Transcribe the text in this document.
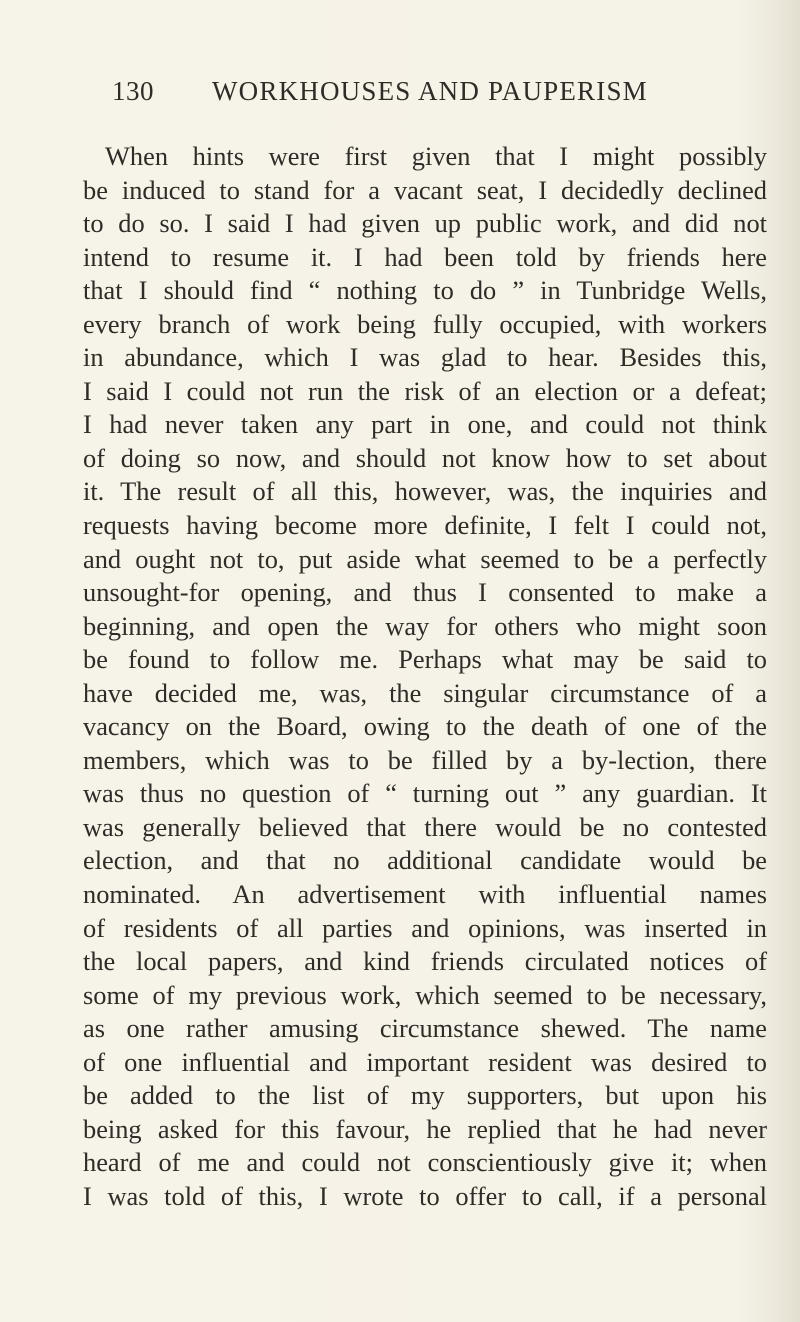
130 WORKHOUSES AND PAUPERISM
When hints were first given that I might possibly
be induced to stand for a vacant seat, I decidedly declined
to do so. I said I had given up public work, and did not
intend to resume it. I had been told by friends here
that I should find “ nothing to do ” in Tunbridge Wells,
every branch of work being fully occupied, with workers
in abundance, which I was glad to hear. Besides this,
I said I could not run the risk of an election or a defeat;
I had never taken any part in one, and could not think
of doing so now, and should not know how to set about
it. The result of all this, however, was, the inquiries and
requests having become more definite, I felt I could not,
and ought not to, put aside what seemed to be a perfectly
unsought-for opening, and thus I consented to make a
beginning, and open the way for others who might soon
be found to follow me. Perhaps what may be said to
have decided me, was, the singular circumstance of a
vacancy on the Board, owing to the death of one of the
members, which was to be filled by a by-lection, there
was thus no question of “ turning out ” any guardian. It
was generally believed that there would be no contested
election, and that no additional candidate would be
nominated. An advertisement with influential names
of residents of all parties and opinions, was inserted in
the local papers, and kind friends circulated notices of
some of my previous work, which seemed to be necessary,
as one rather amusing circumstance shewed. The name
of one influential and important resident was desired to
be added to the list of my supporters, but upon his
being asked for this favour, he replied that he had never
heard of me and could not conscientiously give it; when
I was told of this, I wrote to offer to call, if a personal
